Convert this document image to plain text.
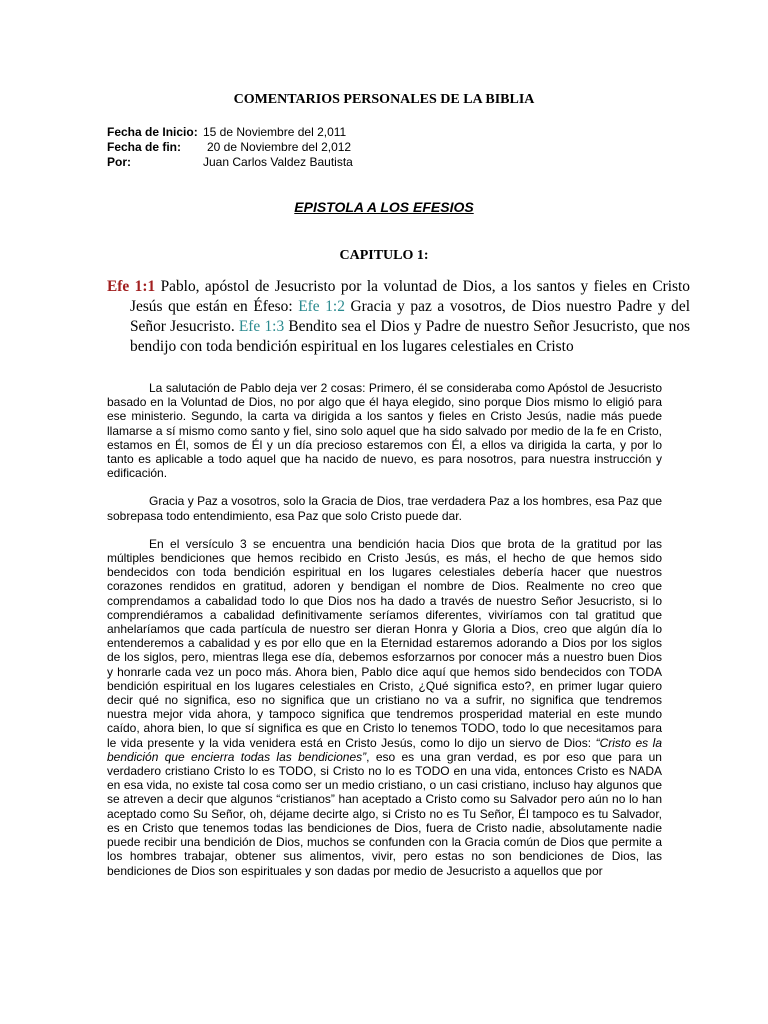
COMENTARIOS PERSONALES DE LA BIBLIA
Fecha de Inicio: 15 de Noviembre del 2,011
Fecha de fin: 20 de Noviembre del 2,012
Por:	Juan Carlos Valdez Bautista
EPISTOLA A LOS EFESIOS
CAPITULO 1:
Efe 1:1 Pablo, apóstol de Jesucristo por la voluntad de Dios, a los santos y fieles en Cristo Jesús que están en Éfeso: Efe 1:2 Gracia y paz a vosotros, de Dios nuestro Padre y del Señor Jesucristo. Efe 1:3 Bendito sea el Dios y Padre de nuestro Señor Jesucristo, que nos bendijo con toda bendición espiritual en los lugares celestiales en Cristo

La salutación de Pablo deja ver 2 cosas: Primero, él se consideraba como Apóstol de Jesucristo basado en la Voluntad de Dios, no por algo que él haya elegido, sino porque Dios mismo lo eligió para ese ministerio. Segundo, la carta va dirigida a los santos y fieles en Cristo Jesús, nadie más puede llamarse a sí mismo como santo y fiel, sino solo aquel que ha sido salvado por medio de la fe en Cristo, estamos en Él, somos de Él y un día precioso estaremos con Él, a ellos va dirigida la carta, y por lo tanto es aplicable a todo aquel que ha nacido de nuevo, es para nosotros, para nuestra instrucción y edificación.

Gracia y Paz a vosotros, solo la Gracia de Dios, trae verdadera Paz a los hombres, esa Paz que sobrepasa todo entendimiento, esa Paz que solo Cristo puede dar.

En el versículo 3 se encuentra una bendición hacia Dios que brota de la gratitud por las múltiples bendiciones que hemos recibido en Cristo Jesús, es más, el hecho de que hemos sido bendecidos con toda bendición espiritual en los lugares celestiales debería hacer que nuestros corazones rendidos en gratitud, adoren y bendigan el nombre de Dios. Realmente no creo que comprendamos a cabalidad todo lo que Dios nos ha dado a través de nuestro Señor Jesucristo, si lo comprendiéramos a cabalidad definitivamente seríamos diferentes, viviríamos con tal gratitud que anhelaríamos que cada partícula de nuestro ser dieran Honra y Gloria a Dios, creo que algún día lo entenderemos a cabalidad y es por ello que en la Eternidad estaremos adorando a Dios por los siglos de los siglos, pero, mientras llega ese día, debemos esforzarnos por conocer más a nuestro buen Dios y honrarle cada vez un poco más. Ahora bien, Pablo dice aquí que hemos sido bendecidos con TODA bendición espiritual en los lugares celestiales en Cristo, ¿Qué significa esto?, en primer lugar quiero decir qué no significa, eso no significa que un cristiano no va a sufrir, no significa que tendremos nuestra mejor vida ahora, y tampoco significa que tendremos prosperidad material en este mundo caído, ahora bien, lo que sí significa es que en Cristo lo tenemos TODO, todo lo que necesitamos para le vida presente y la vida venidera está en Cristo Jesús, como lo dijo un siervo de Dios: “Cristo es la bendición que encierra todas las bendiciones”, eso es una gran verdad, es por eso que para un verdadero cristiano Cristo lo es TODO, si Cristo no lo es TODO en una vida, entonces Cristo es NADA en esa vida, no existe tal cosa como ser un medio cristiano, o un casi cristiano, incluso hay algunos que se atreven a decir que algunos “cristianos” han aceptado a Cristo como su Salvador pero aún no lo han aceptado como Su Señor, oh, déjame decirte algo, si Cristo no es Tu Señor, Él tampoco es tu Salvador, es en Cristo que tenemos todas las bendiciones de Dios, fuera de Cristo nadie, absolutamente nadie puede recibir una bendición de Dios, muchos se confunden con la Gracia común de Dios que permite a los hombres trabajar, obtener sus alimentos, vivir, pero estas no son bendiciones de Dios, las bendiciones de Dios son espirituales y son dadas por medio de Jesucristo a aquellos que por
